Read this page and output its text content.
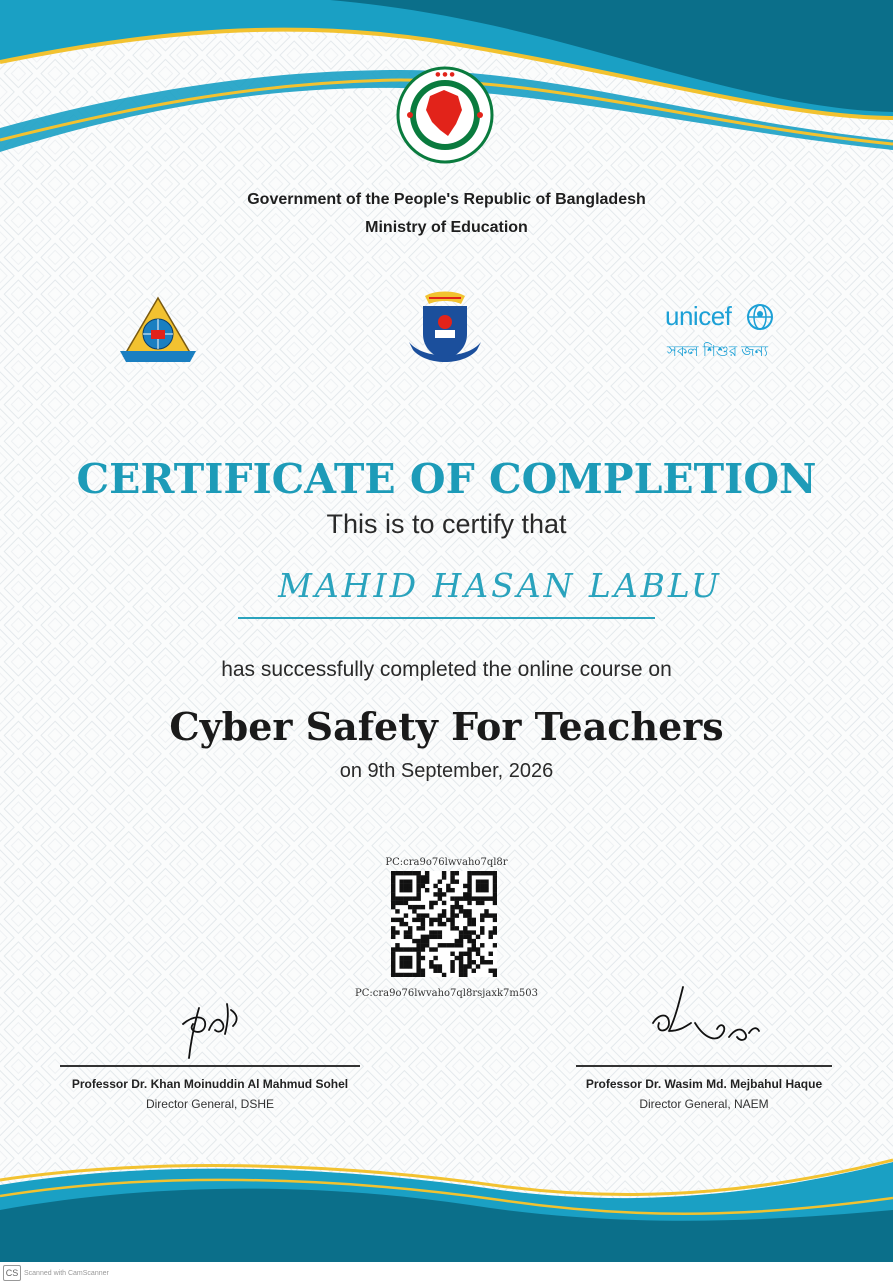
● ● ●
Government of the People's Republic of Bangladesh
Ministry of Education
unicef
সকল শিশুর জন্য
CERTIFICATE OF COMPLETION
This is to certify that
MAHID HASAN LABLU
has successfully completed the online course on
Cyber Safety For Teachers
on 9th September, 2026
PC:cra9o76lwvaho7ql8r
PC:cra9o76lwvaho7ql8rsjaxk7m503
Professor Dr. Khan Moinuddin Al Mahmud Sohel
Director General, DSHE
Professor Dr. Wasim Md. Mejbahul Haque
Director General, NAEM
CS Scanned with CamScanner
